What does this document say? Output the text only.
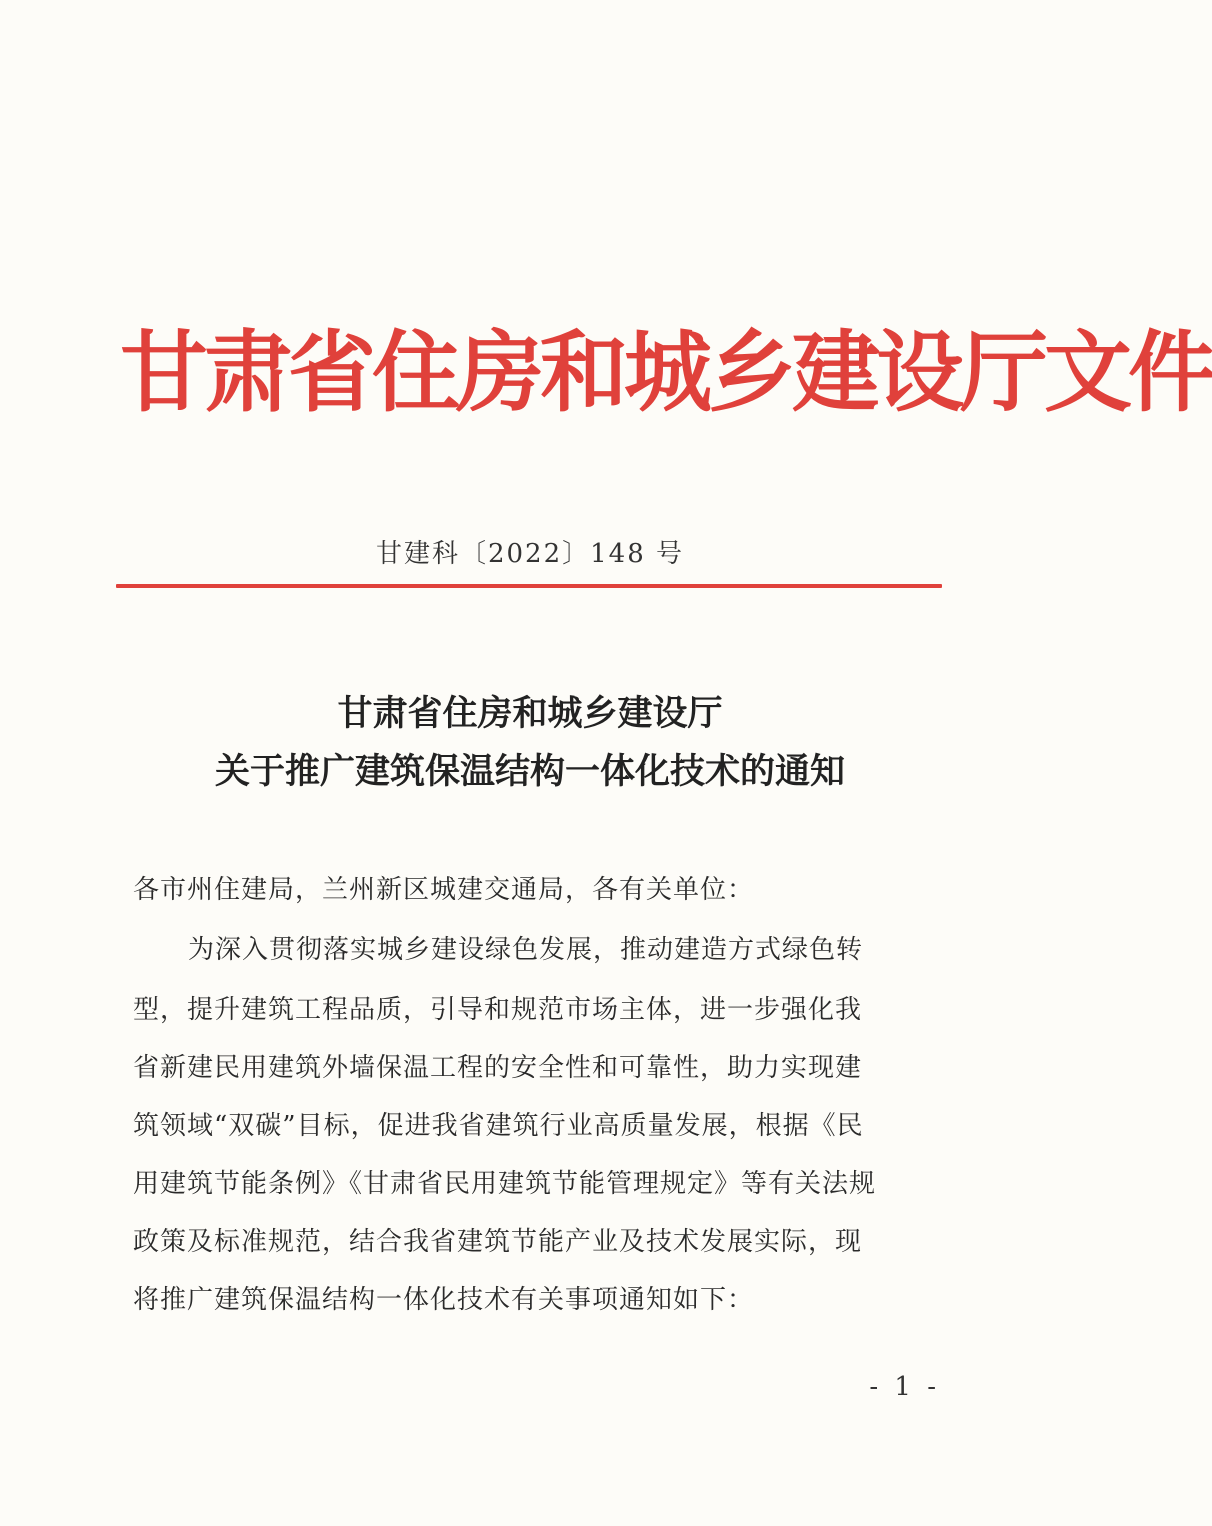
甘肃省住房和城乡建设厅文件
甘建科〔2022〕148 号
甘肃省住房和城乡建设厅
关于推广建筑保温结构一体化技术的通知
各市州住建局，兰州新区城建交通局，各有关单位：
为深入贯彻落实城乡建设绿色发展，推动建造方式绿色转
型，提升建筑工程品质，引导和规范市场主体，进一步强化我
省新建民用建筑外墙保温工程的安全性和可靠性，助力实现建
筑领域“双碳”目标，促进我省建筑行业高质量发展，根据《民
用建筑节能条例》《甘肃省民用建筑节能管理规定》等有关法规
政策及标准规范，结合我省建筑节能产业及技术发展实际，现
将推广建筑保温结构一体化技术有关事项通知如下：
- 1 -
